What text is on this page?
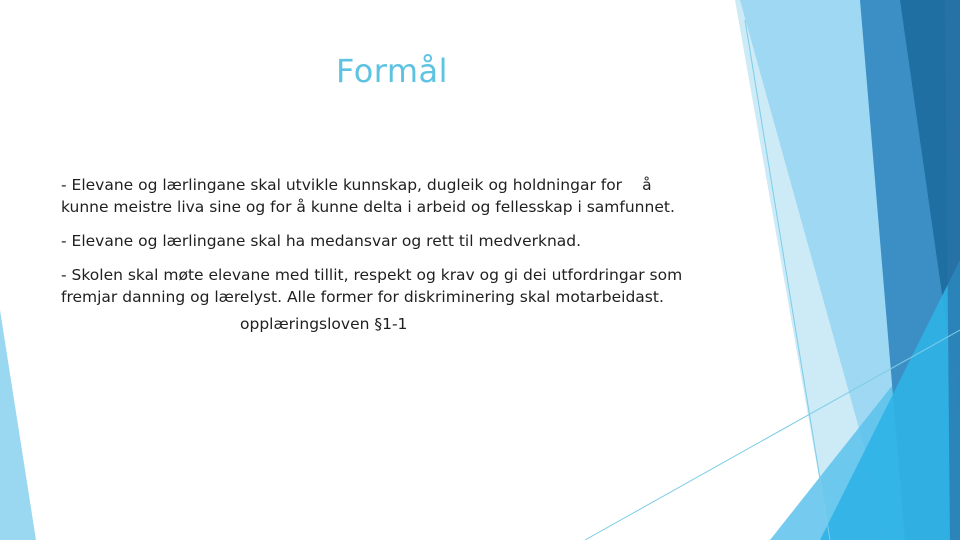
Formål

- Elevane og lærlingane skal utvikle kunnskap, dugleik og holdningar for å
kunne meistre liva sine og for å kunne delta i arbeid og fellesskap i samfunnet.

- Elevane og lærlingane skal ha medansvar og rett til medverknad.

- Skolen skal møte elevane med tillit, respekt og krav og gi dei utfordringar som
fremjar danning og lærelyst. Alle former for diskriminering skal motarbeidast.

opplæringsloven §1-1
